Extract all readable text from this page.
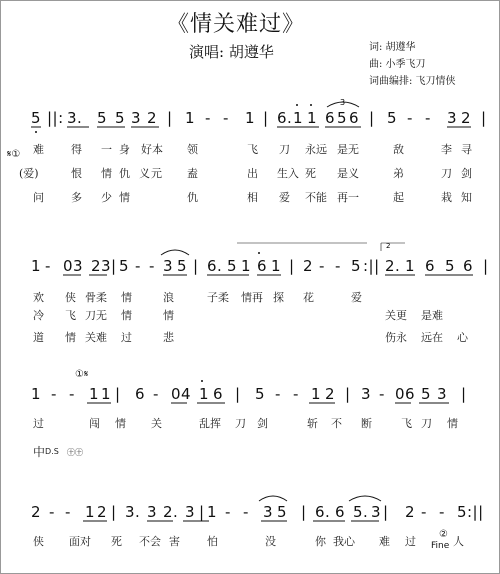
《情关难过》
演唱: 胡遵华	词: 胡遵华
曲: 小季飞刀
词曲编排: 飞刀情侠
5 ||: 3. 5 5 3 2 | 1 - - 1 | 6. 1 1 6 5 6 | 5 - - 3 2 |
𝄋① 难 得 一 身 好本 领	飞 刀 永远 是无	敌	李 寻
(爱)	恨 情 仇 义 元 盍	出 生入 死 是义	弟	刀 剑
问 多 少 情	仇	相 爱 不能 再一	起	栽 知
1 - 03 23 | 5 - - 3 5 | 6. 5 1 6 1 | 2 - - 5 :|| 2. 1 6 5 6 |
欢 侠 骨柔 情	浪	子柔 情再 探 花	爱
冷 飞 刀无 情	情	关更 是难
道 情 关难 过	悲	伤永 远在 心
①𝄋
1 - - 1 1 | 6 - 04 1 6 | 5 - - 1 2 | 3 - 06 5 3 |
过	闯 情 关	乱挥 刀 剑	斩 不 断	飞 刀 情
中 D.S ㊉㊉
2 - - 1 2 | 3. 3 2. 3 | 1 - - 3 5 | 6. 6 5. 3 | 2 - - 5 :||
侠 面对 死 不会 害 怕	没	你 我心 难 过	人
②
Fine
3
2
